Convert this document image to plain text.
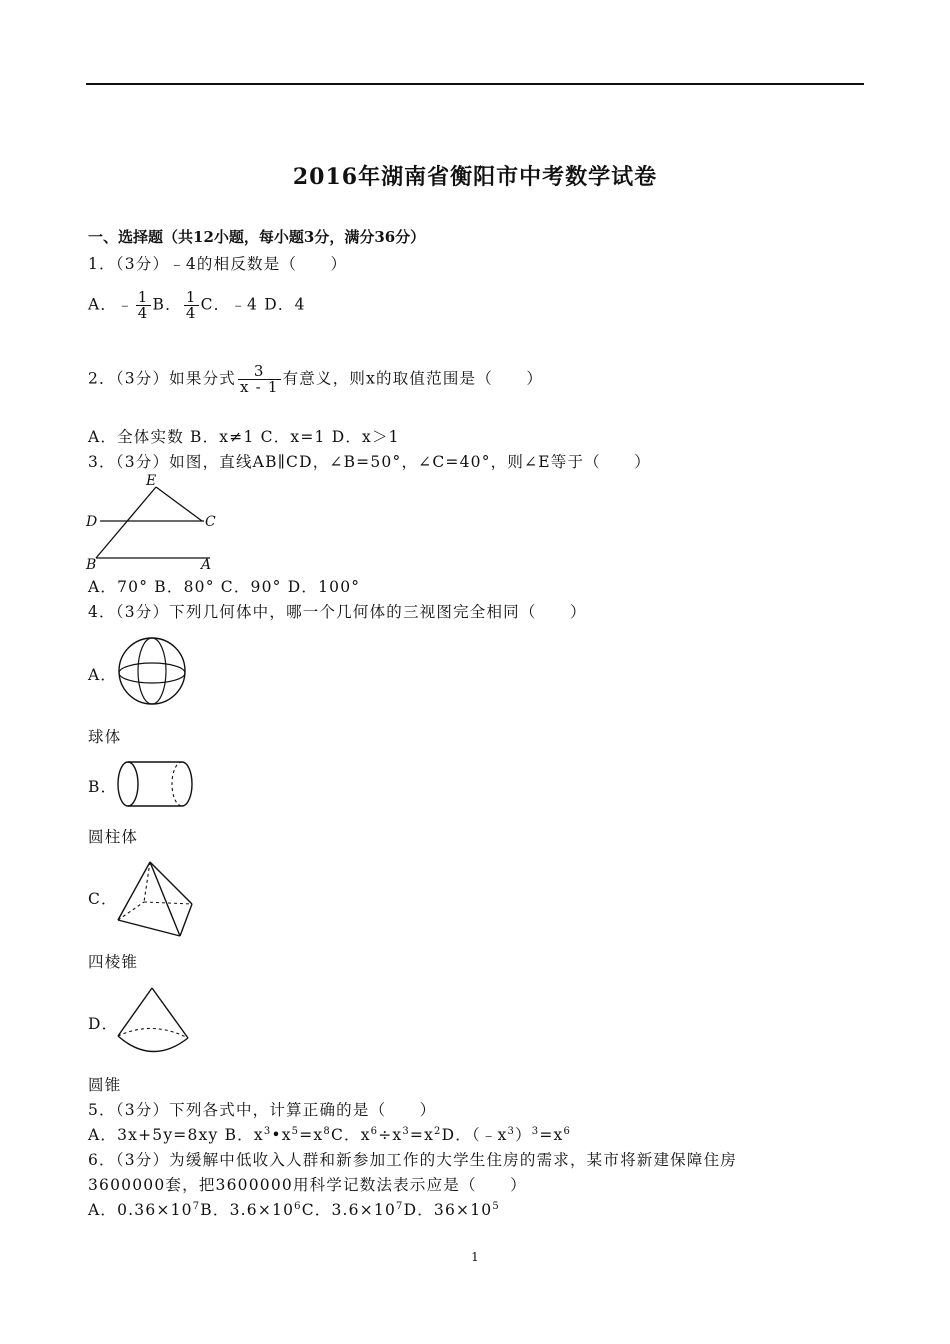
2016年湖南省衡阳市中考数学试卷
一、选择题（共12小题，每小题3分，满分36分）
1．（3分）﹣4的相反数是（　　）
A．﹣ $\frac{1}{4}$ B． $\frac{1}{4}$ C．﹣4 D．4
2．（3分）如果分式 $\frac{3}{x - 1}$ 有意义，则x的取值范围是（　　）
A．全体实数 B．x≠1 C．x=1 D．x＞1
3．（3分）如图，直线AB∥CD，∠B=50°，∠C=40°，则∠E等于（　　）
E
D	C
B	A
A．70° B．80° C．90° D．100°
4．（3分）下列几何体中，哪一个几何体的三视图完全相同（　　）
A．
球体
B．
圆柱体
C．
四棱锥
D．
圆锥
5．（3分）下列各式中，计算正确的是（　　）
A．3x+5y=8xy B．$x^3•x^5=x^8C$．$x^6\div x^3=x^2D$．$(﹣x^3)^3=x^6$
6．（3分）为缓解中低收入人群和新参加工作的大学生住房的需求，某市将新建保障住房
3600000套，把3600000用科学记数法表示应是（　　）
A．$0.36\times 10^7B$．$3.6\times 10^6C$．$3.6\times 10^7D$．$36\times 10^5$
1
